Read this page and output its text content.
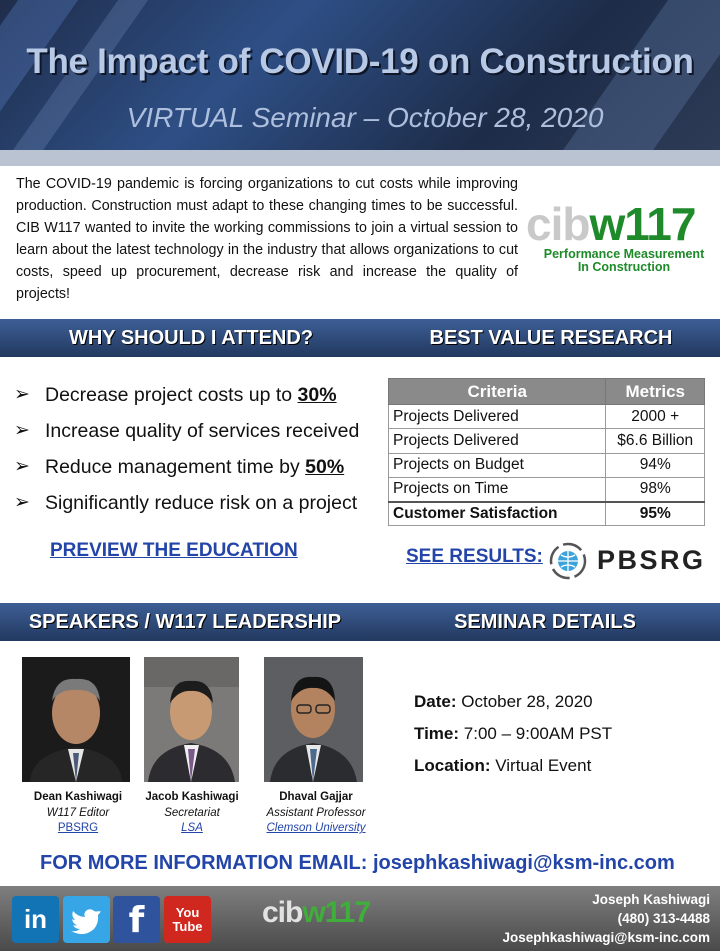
The Impact of COVID-19 on Construction
VIRTUAL Seminar – October 28, 2020

The COVID-19 pandemic is forcing organizations to cut costs while improving production. Construction must adapt to these changing times to be successful. CIB W117 wanted to invite the working commissions to join a virtual session to learn about the latest technology in the industry that allows organizations to cut costs, speed up procurement, decrease risk and increase the quality of projects!

cibw117
Performance Measurement
In Construction
WHY SHOULD I ATTEND?	BEST VALUE RESEARCH
➢ Decrease project costs up to 30%
➢ Increase quality of services received
➢ Reduce management time by 50%
➢ Significantly reduce risk on a project
PREVIEW THE EDUCATION
Criteria	Metrics
Projects Delivered	2000 +
Projects Delivered	$6.6 Billion
Projects on Budget	94%
Projects on Time	98%
Customer Satisfaction	95%
SEE RESULTS: PBSRG
SPEAKERS / W117 LEADERSHIP	SEMINAR DETAILS
Dean Kashiwagi
W117 Editor
PBSRG
Jacob Kashiwagi
Secretariat
LSA
Dhaval Gajjar
Assistant Professor
Clemson University
Date: October 28, 2020
Time: 7:00 – 9:00AM PST
Location: Virtual Event
FOR MORE INFORMATION EMAIL: josephkashiwagi@ksm-inc.com
in	f	You
Tube cibw117	Joseph Kashiwagi
(480) 313-4488
Josephkashiwagi@ksm-inc.com
